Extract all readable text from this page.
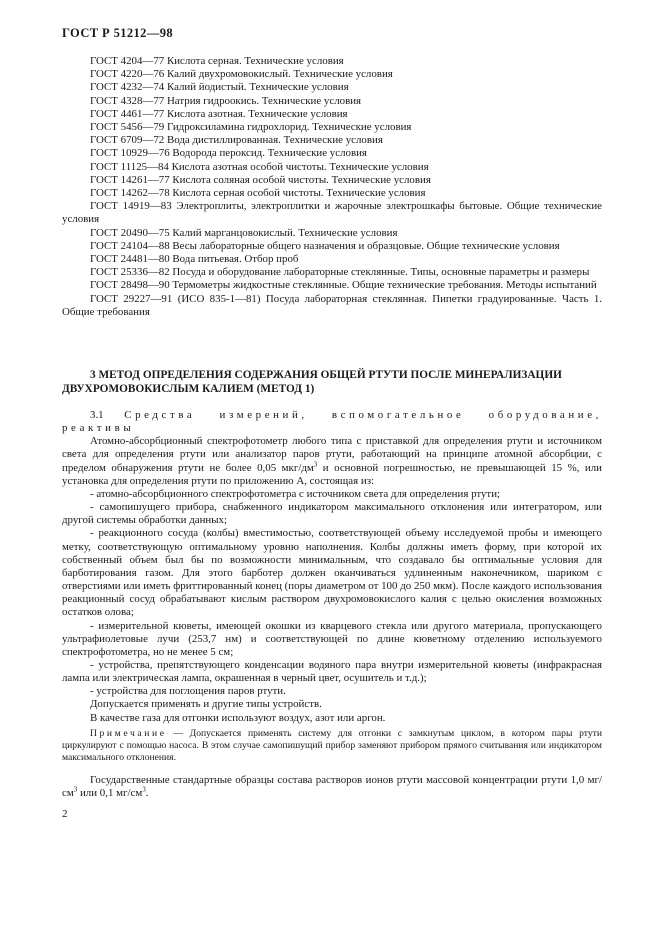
ГОСТ Р 51212—98

ГОСТ 4204—77 Кислота серная. Технические условия

ГОСТ 4220—76 Калий двухромовокислый. Технические условия

ГОСТ 4232—74 Калий йодистый. Технические условия

ГОСТ 4328—77 Натрия гидроокись. Технические условия

ГОСТ 4461—77 Кислота азотная. Технические условия

ГОСТ 5456—79 Гидроксиламина гидрохлорид. Технические условия

ГОСТ 6709—72 Вода дистиллированная. Технические условия

ГОСТ 10929—76 Водорода пероксид. Технические условия

ГОСТ 11125—84 Кислота азотная особой чистоты. Технические условия

ГОСТ 14261—77 Кислота соляная особой чистоты. Технические условия

ГОСТ 14262—78 Кислота серная особой чистоты. Технические условия

ГОСТ 14919—83 Электроплиты, электроплитки и жарочные электрошкафы бытовые. Общие технические условия

ГОСТ 20490—75 Калий марганцовокислый. Технические условия

ГОСТ 24104—88 Весы лабораторные общего назначения и образцовые. Общие технические условия

ГОСТ 24481—80 Вода питьевая. Отбор проб

ГОСТ 25336—82 Посуда и оборудование лабораторные стеклянные. Типы, основные параметры и размеры

ГОСТ 28498—90 Термометры жидкостные стеклянные. Общие технические требования. Методы испытаний

ГОСТ 29227—91 (ИСО 835-1—81) Посуда лабораторная стеклянная. Пипетки градуированные. Часть 1. Общие требования

3 МЕТОД ОПРЕДЕЛЕНИЯ СОДЕРЖАНИЯ ОБЩЕЙ РТУТИ ПОСЛЕ МИНЕРАЛИЗАЦИИ ДВУХРОМОВОКИСЛЫМ КАЛИЕМ (МЕТОД 1)

3.1 Средства измерений, вспомогательное оборудование, реактивы

Атомно-абсорбционный спектрофотометр любого типа с приставкой для определения ртути и источником света для определения ртути или анализатор паров ртути, работающий на принципе атомной абсорбции, с пределом обнаружения ртути не более 0,05 мкг/$дм^3$ и основной погрешностью, не превышающей 15 %, или установка для определения ртути по приложению А, состоящая из:

- атомно-абсорбционного спектрофотометра с источником света для определения ртути;

- самопишущего прибора, снабженного индикатором максимального отклонения или интегратором, или другой системы обработки данных;

- реакционного сосуда (колбы) вместимостью, соответствующей объему исследуемой пробы и имеющего метку, соответствующую оптимальному уровню наполнения. Колбы должны иметь форму, при которой их собственный объем был бы по возможности минимальным, что создавало бы оптимальные условия для барботирования газом. Для этого барботер должен оканчиваться удлиненным наконечником, шариком с отверстиями или иметь фриттированный конец (поры диаметром от 100 до 250 мкм). После каждого использования реакционный сосуд обрабатывают кислым раствором двухромовокислого калия с целью окисления возможных остатков олова;

- измерительной кюветы, имеющей окошки из кварцевого стекла или другого материала, пропускающего ультрафиолетовые лучи (253,7 нм) и соответствующей по длине кюветному отделению используемого спектрофотометра, но не менее 5 см;

- устройства, препятствующего конденсации водяного пара внутри измерительной кюветы (инфракрасная лампа или электрическая лампа, окрашенная в черный цвет, осушитель и т.д.);

- устройства для поглощения паров ртути.

Допускается применять и другие типы устройств.

В качестве газа для отгонки используют воздух, азот или аргон.

Примечание — Допускается применять систему для отгонки с замкнутым циклом, в котором пары ртути циркулируют с помощью насоса. В этом случае самопишущий прибор заменяют прибором прямого считывания или индикатором максимального отклонения.

Государственные стандартные образцы состава растворов ионов ртути массовой концентрации ртути 1,0 $мг/см^3$ или 0,1 $мг/см^3$.

2
